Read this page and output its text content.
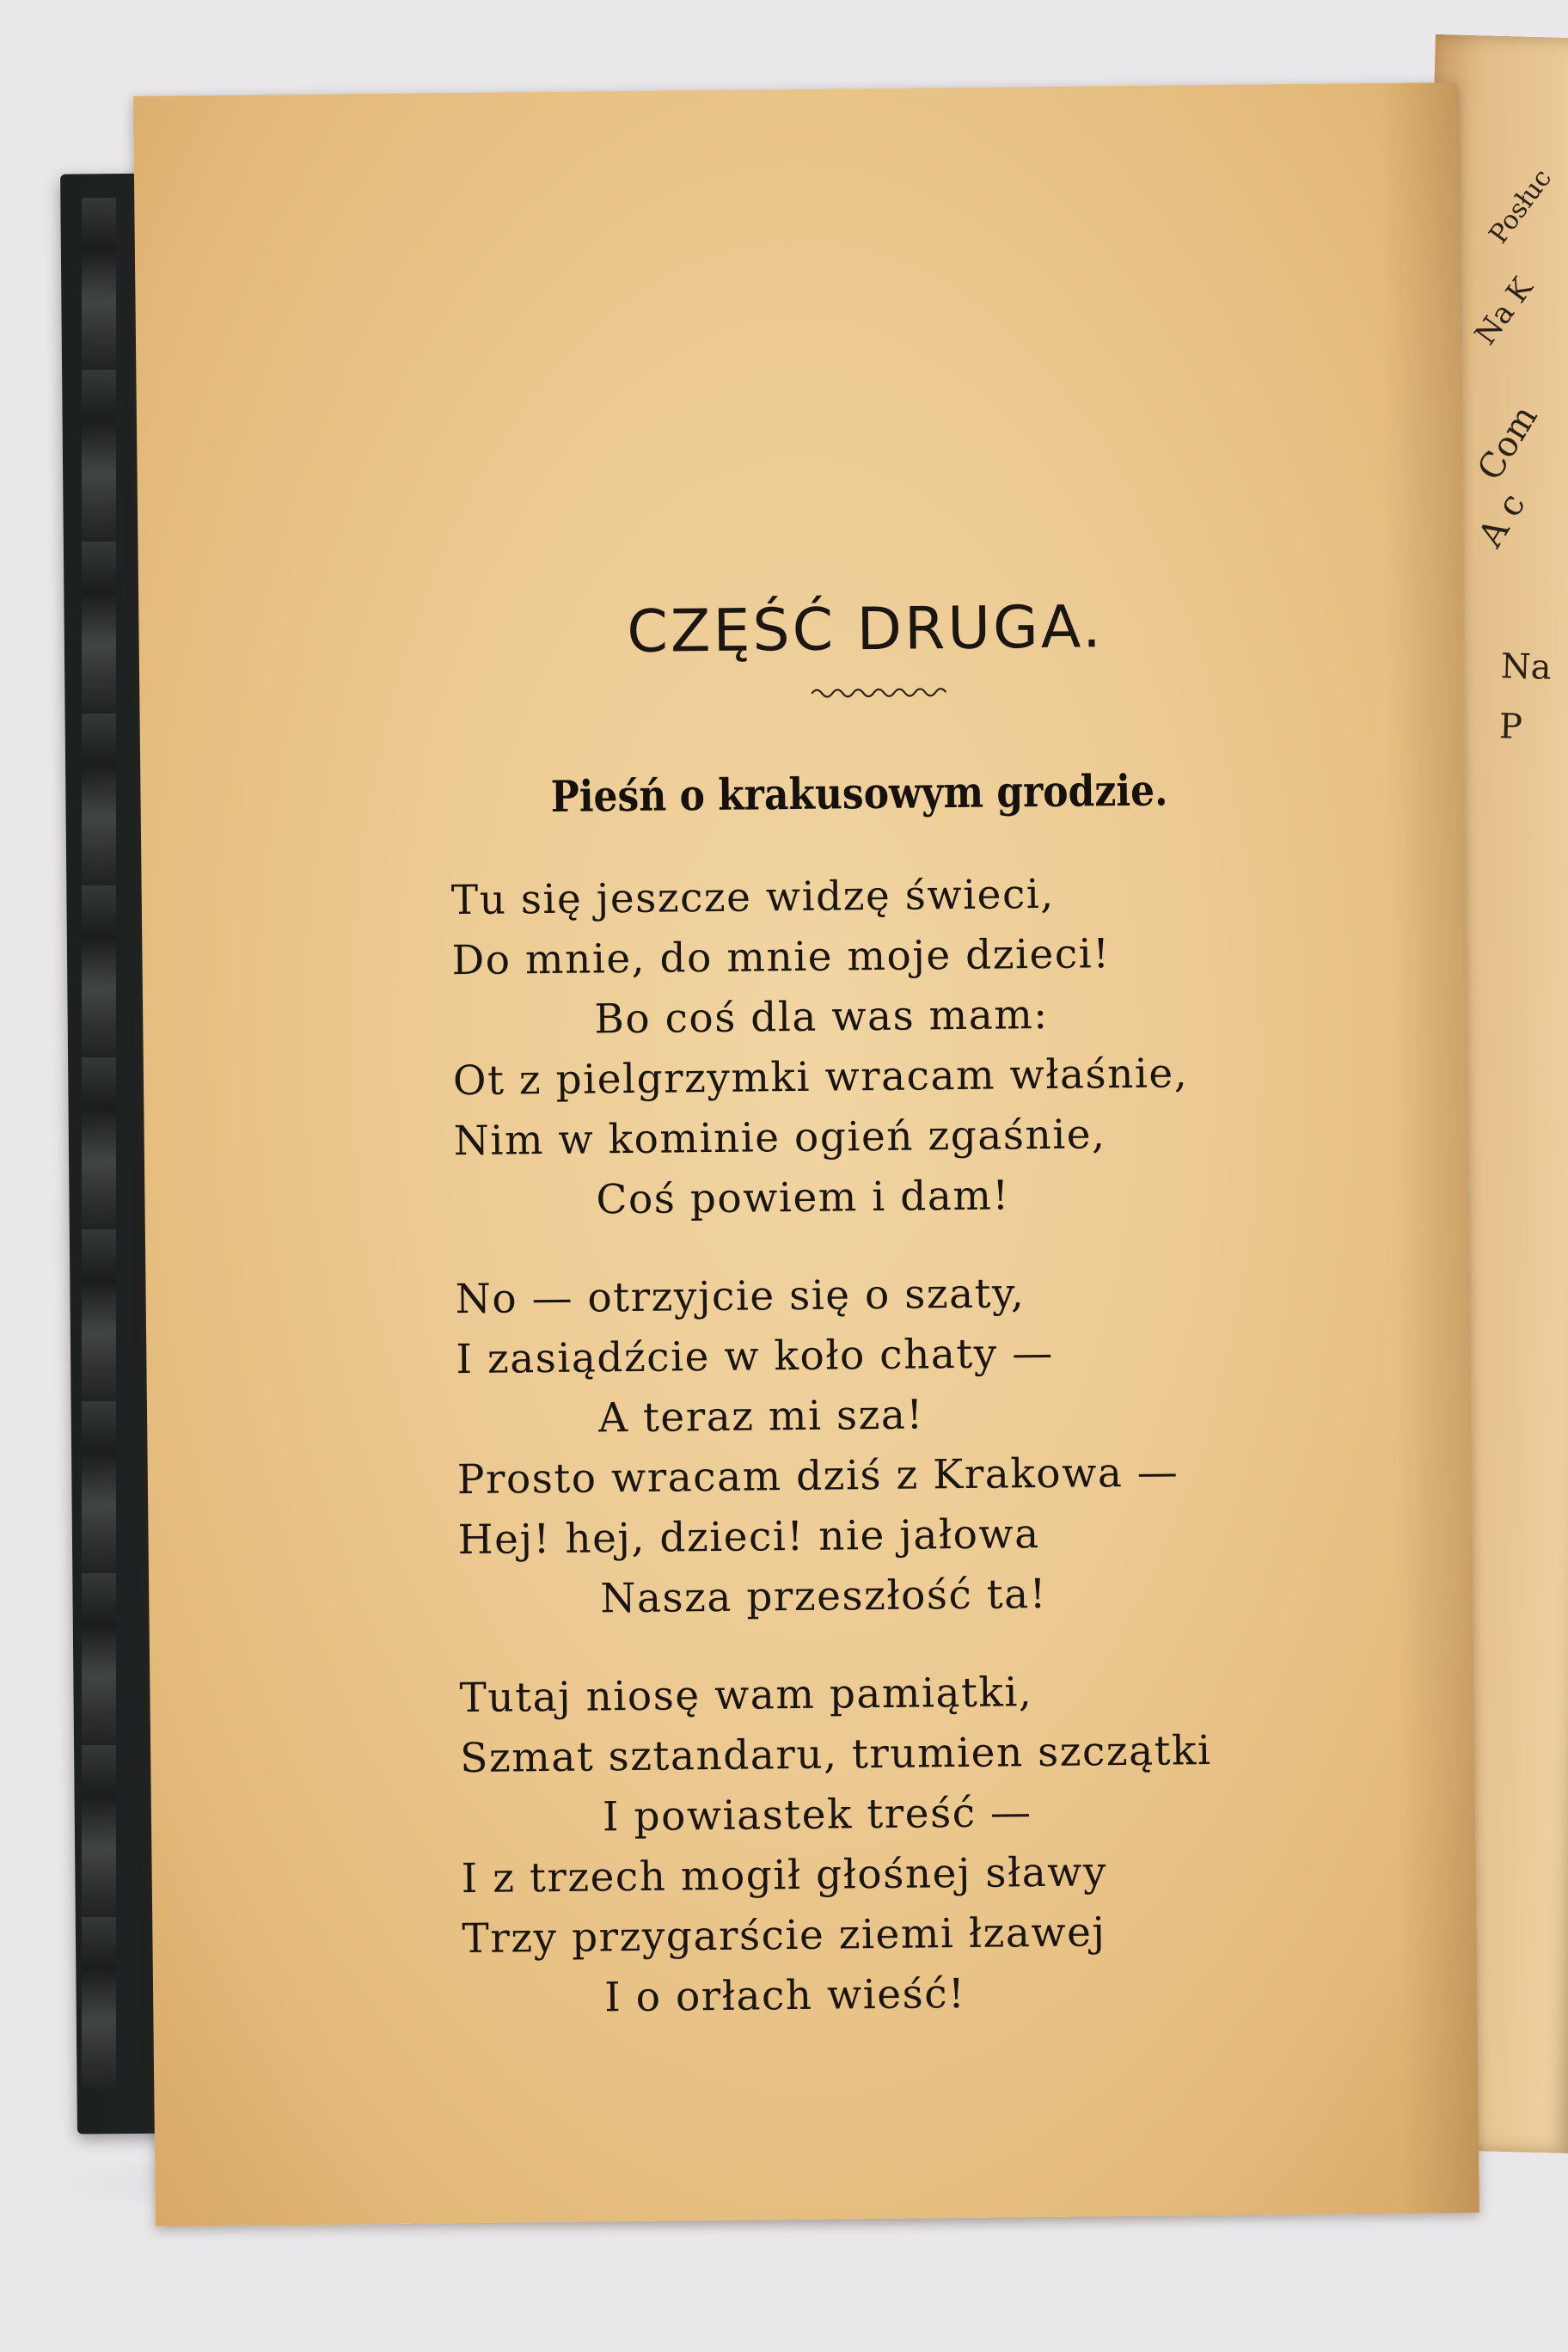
Posłuc
Na K
Com
A c
Na
P
CZĘŚĆ DRUGA.
Pieśń o krakusowym grodzie.
Tu się jeszcze widzę świeci,
Do mnie, do mnie moje dzieci!
Bo coś dla was mam:
Ot z pielgrzymki wracam właśnie,
Nim w kominie ogień zgaśnie,
Coś powiem i dam!
No — otrzyjcie się o szaty,
I zasiądźcie w koło chaty —
A teraz mi sza!
Prosto wracam dziś z Krakowa —
Hej! hej, dzieci! nie jałowa
Nasza przeszłość ta!
Tutaj niosę wam pamiątki,
Szmat sztandaru, trumien szczątki
I powiastek treść —
I z trzech mogił głośnej sławy
Trzy przygarście ziemi łzawej
I o orłach wieść!
